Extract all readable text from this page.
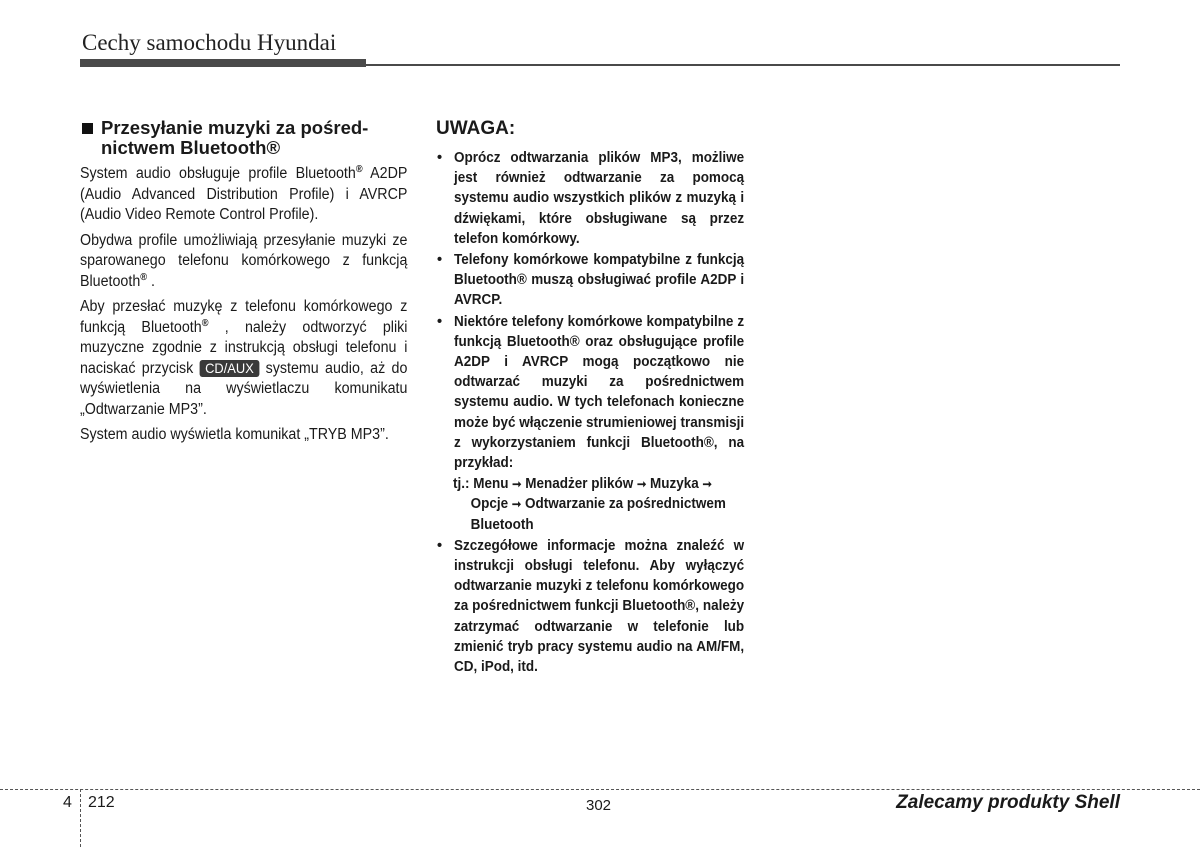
Cechy samochodu Hyundai
Przesyłanie muzyki za pośred-
nictwem Bluetooth®
System audio obsługuje profile Bluetooth® A2DP (Audio Advanced Distribution Profile) i AVRCP (Audio Video Remote Control Profile).
Obydwa profile umożliwiają przesyłanie muzyki ze sparowanego telefonu komórkowego z funkcją Bluetooth® .
Aby przesłać muzykę z telefonu komórkowego z funkcją Bluetooth® , należy odtworzyć pliki muzyczne zgodnie z instrukcją obsługi telefonu i naciskać przycisk CD/AUX systemu audio, aż do wyświetlenia na wyświetlaczu komunikatu „Odtwarzanie MP3”.
System audio wyświetla komunikat „TRYB MP3”.
UWAGA:
• Oprócz odtwarzania plików MP3, możliwe jest również odtwarzanie za pomocą systemu audio wszystkich plików z muzyką i dźwiękami, które obsługiwane są przez telefon komórkowy.
• Telefony komórkowe kompatybilne z funkcją Bluetooth® muszą obsługiwać profile A2DP i AVRCP.
• Niektóre telefony komórkowe kompatybilne z funkcją Bluetooth® oraz obsługujące profile A2DP i AVRCP mogą początkowo nie odtwarzać muzyki za pośrednictwem systemu audio. W tych telefonach konieczne może być włączenie strumieniowej transmisji z wykorzystaniem funkcji Bluetooth®, na przykład:
tj.: Menu ➞ Menadżer plików ➞ Muzyka ➞
Opcje ➞ Odtwarzanie za pośrednictwem Bluetooth
• Szczegółowe informacje można znaleźć w instrukcji obsługi telefonu. Aby wyłączyć odtwarzanie muzyki z telefonu komórkowego za pośrednictwem funkcji Bluetooth®, należy zatrzymać odtwarzanie w telefonie lub zmienić tryb pracy systemu audio na AM/FM, CD, iPod, itd.
4 212	302	Zalecamy produkty Shell
